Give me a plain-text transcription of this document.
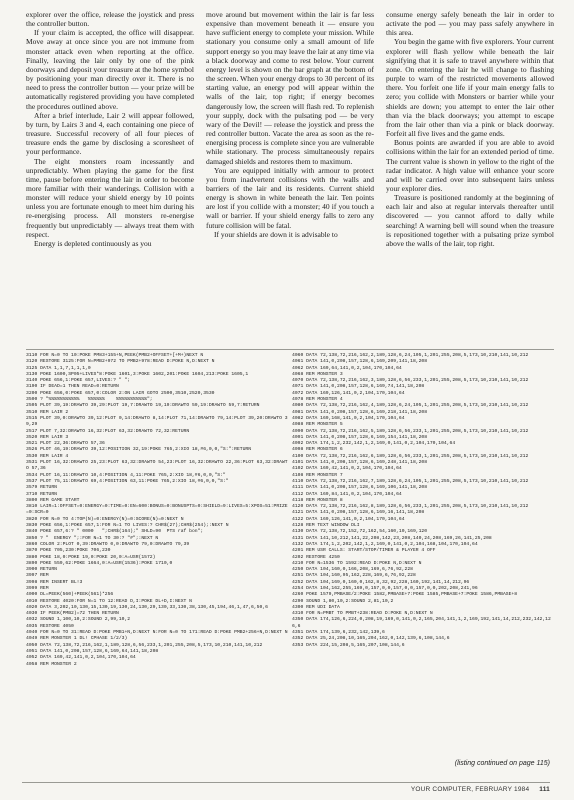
explorer over the office, release the joystick and press the controller button.

If your claim is accepted, the office will disappear. Move away at once since you are not immune from monster attack even when reporting at the office. Finally, leaving the lair only by one of the pink doorways and deposit your treasure at the home symbol by positioning your man directly over it. There is no need to press the controller button — your prize will be automatically registered providing you have completed the procedures outlined above.

After a brief interlude, Lair 2 will appear followed, by turn, by Lairs 3 and 4, each containing one piece of treasure. Successful recovery of all four pieces of treasure ends the game by disclosing a scoresheet of your performance.

The eight monsters roam incessantly and unpredictably. When playing the game for the first time, pause before entering the lair in order to become more familiar with their wanderings. Collision with a monster will reduce your shield energy by 10 points unless you are fortunate enough to meet him during his re-energising process. All monsters re-energise frequently but unpredictably — always treat them with respect.

Energy is depleted continuously as you

move around but movement within the lair is far less expensive than movement beneath it — ensure you have sufficient energy to complete your mission. While stationary you consume only a small amount of life support energy so you may leave the lair at any time via a black doorway and come to rest below. Your current energy level is shown on the bar graph at the bottom of the screen. When your energy drops to 30 percent of its starting value, an energy pod will appear within the walls of the lair, top right; if energy becomes dangerously low, the screen will flash red. To replenish your supply, dock with the pulsating pod — be very wary of the Devil! — release the joystick and press the red controller button. Vacate the area as soon as the re-energising process is complete since you are vulnerable while stationary. The process simultaneously repairs damaged shields and restores them to maximum.

You are equipped initially with armour to protect you from inadvertent collisions with the walls and barriers of the lair and its residents. Current shield energy is shown in white beneath the lair. Ten points are lost if you collide with a monster; 40 if you touch a wall or barrier. If your shield energy falls to zero any future collision will be fatal.

If your shields are down it is advisable to

consume energy safely beneath the lair in order to activate the pod — you may pass safely anywhere in this area.

You begin the game with five explorers. Your current explorer will flash yellow while beneath the lair signifying that it is safe to travel anywhere within that zone. On entering the lair he will change to flashing purple to warn of the restricted movements allowed there. You forfeit one life if your main energy falls to zero; you collide with Monsters or barrier while your shields are down; you attempt to enter the lair other than via the black doorways; you attempt to escape from the lair other than via a pink or black doorway. Forfeit all five lives and the game ends.

Bonus points are awarded if you are able to avoid collisions within the lair for an extended period of time. The current value is shown in yellow to the right of the radar indicator. A high value will enhance your score and will be carried over into subsequent lairs unless your explorer dies.

Treasure is positioned randomly at the beginning of each lair and also at regular intervals thereafter until discovered — you cannot afford to dally while searching! A warning bell will sound when the treasure is repositioned together with a pulsating prize symbol above the walls of the lair, top right.

3110 FOR N=0 TO 10:POKE PM83+155+N,PEEK(PMB2+OFFSET+[+M+)NEXT N
3120 RESTORE 3125:FOR N=PMB2+972 TO PMB2+978:READ D:POKE N,D:NEXT N
3125 DATA 1,1,7,1,1,1,0
3130 POKE 1600,SP05+LIVES*8:POKE 1601,3:POKE 1602,201:POKE 1604,213:POKE 1605,1
3140 POKE 656,1:POKE 657,LIVES:? " ";
3190 IF DEAD=1 THEN READ=0:RETURN
3200 POKE 656,0:POKE 657,0:COLOR 2:ON LAIR GOTO 2500,3510,2520,3530
3500 ? "%%%%%%%%%%%   %%%%%%    %%%%%%%%%%%";
2505 PLOT 39,19:DRAWTO 39,29:PLOT 19,7:DRAWTO 19,19:DRAWTO 59,19:DRAWTO 59,7:RETURN
3510 REM LAIR 2
2515 PLOT 39,0:DRAWTO 39,12:PLOT 0,14:DRAWTO 8,14:PLOT 71,14:DRAWTO 79,14:PLOT 39,20:DRAWTO 39,29
2517 PLOT 7,32:DRAWTO 16,32:PLOT 63,32:DRAWTO 72,32:RETURN
3520 REM LAIR 3
3521 PLOT 22,36:DRAWTO 57,36
3526 PLOT 46,19:DRAWTO 39,12:POSITION 32,19:POKE 765,2:XIO 18,#6,0,0,"S:":RETURN
3530 REM LAIR 4
3531 PLOT 16,32:DRAWTO 25,23:PLOT 63,32:DRAWTO 54,23:PLOT 16,32:DRAWTO 22,36:PLOT 63,32:DRAWTO 57,36
3534 PLOT 16,11:DRAWTO 10,4:POSITION 4,11:POKE 765,2:XIO 18,#6,0,0,"S:"
3537 PLOT 75,11:DRAWTO 69,4:POSITION 63,11:POKE 765,2:XIO 18,#6,0,0,"S:"
3579 RETURN
3710 RETURN
3800 REM GAME START
3810 LAIR=1:OFFSET=0:ENERGY=0:TIME=0:EN=600:BONUS=0:BONUSPTS=0:SHIELD=9:LIVES=5:XPOS=51:PRIZE=0:SCR=0
3820 FOR N=0 TO 4:TOP(N)=0:ENERGY(N)=0:SCORE(N)=0:NEXT N
3830 POKE 656,1:POKE 657,1:FOR N=1 TO LIVES:? CHR$(27);CHR$(254);:NEXT N
3840 POKE 657,6:? " 0000   ";CHR$(164);" SHLD=90  PTS raf bon";
3850 ? "  ENERGY ";:FOR N=1 TO 30:? "#";:NEXT N
3860 COLOR 2:PLOT 0,39:DRAWTO 0,0:DRAWTO 79,0:DRAWTO 79,39
3870 POKE 705,230:POKE 706,230
3880 POKE 18,0:POKE 19,0:POKE 20,0:A=USR(1572)
3890 POKE 559,62:POKE 1664,0:A=USR(1536):POKE 1710,0
3900 RETURN
3997 REM
3998 REM INSERT BL!3
3999 REM
4000 DL=PEEK(560)+PEEK(561)*256
4010 RESTORE 4020:FOR N=1 TO 12:READ D,I:POKE DL+D,I:NEXT N
4020 DATA 3,202,10,130,15,130,19,130,24,130,29,130,33,130,38,130,45,194,46,1,47,6,50,6
4030 IF PEEK(PMB2)=72 THEN RETURN
4032 SOUND 1,100,10,2:SOUND 2,99,10,2
4035 RESTORE 4050
4040 FOR N=0 TO 31:READ D:POKE PMB1+N,D:NEXT N:FOR N=0 TO 171:READ D:POKE PMB2+256+N,D:NEXT N
4049 REM MONSTER 1 DL! CPHASE 1/2/3)
4050 DATA 72,138,72,216,162,1,189,128,6,56,233,1,201,255,208,5,173,10,210,141,10,212
4051 DATA 141,0,208,157,128,6,169,64,141,18,208
4052 DATA 169,42,141,0,2,104,170,104,64
4058 REM MONSTER 2
4060 DATA 72,138,72,216,162,2,189,128,6,24,105,1,201,255,208,5,173,10,210,141,10,212
4061 DATA 141,0,208,157,128,6,169,209,141,18,208
4062 DATA 169,64,141,0,2,104,170,104,64
4068 REM MONSTER 3
4070 DATA 72,138,72,216,162,3,189,128,6,56,233,1,201,255,208,5,173,10,210,141,10,212
4071 DATA 141,0,208,157,128,6,169,74,141,18,208
4072 DATA 169,126,141,0,2,104,170,104,64
4078 REM MONSTER 4
4080 DATA 72,138,72,216,162,4,189,128,6,24,105,1,201,255,208,5,173,10,210,141,10,212
4081 DATA 141,0,208,157,128,6,169,218,141,18,208
4082 DATA 169,168,141,0,2,104,170,104,64
4088 REM MONSTER 5
4090 DATA 72,138,72,216,162,5,189,128,6,56,233,1,201,255,208,5,173,10,210,141,10,212
4091 DATA 141,0,208,157,128,6,169,154,141,18,208
4092 DATA 174,1,2,232,142,1,2,169,0,141,0,2,104,170,104,64
4098 REM MONSTER 6
4100 DATA 72,138,72,216,162,6,189,128,6,56,233,1,201,255,208,5,173,10,210,141,10,212
4101 DATA 141,0,208,157,128,6,169,248,141,18,208
4102 DATA 169,42,141,0,2,104,170,104,64
4108 REM MONSTER 7
4110 DATA 72,138,72,216,162,7,189,128,6,24,105,1,201,255,208,5,173,10,210,141,10,212
4111 DATA 141,0,208,157,128,6,169,106,141,18,208
4112 DATA 169,84,141,0,2,104,170,104,64
4118 REM MONSTER 8
4120 DATA 72,138,72,216,162,8,189,128,6,56,233,1,201,255,208,5,173,10,210,141,10,212
4121 DATA 141,0,208,157,128,6,169,16,141,18,208
4122 DATA 169,126,141,0,2,104,170,104,64
4128 REM TEXT WINDOW DLI
4130 DATA 72,138,72,152,72,162,54,160,10,169,120
4131 DATA 141,10,212,141,22,208,142,23,208,140,24,208,169,26,141,25,208
4132 DATA 174,1,2,202,142,1,2,169,0,141,0,2,104,168,104,170,104,64
4201 REM USR CALLS: START/STOP/TIMER & PLAYER 4 OFF
4202 RESTORE 4250
4210 FOR N=1536 TO 1592:READ D:POKE N,D:NEXT N
4250 DATA 104,160,0,166,208,169,6,76,92,228
4251 DATA 104,160,95,162,228,169,6,76,92,228
4252 DATA 104,169,0,160,0,162,8,32,92,228,160,192,141,14,212,96
4254 DATA 104,162,255,169,0,157,0,0,157,0,0,157,0,0,202,208,241,96
4260 POKE 1579,PMBASE/2:POKE 1582,PMBASE+7:POKE 1585,PMBASE+7:POKE 1586,PMBASE+8
4290 SOUND 1,80,10,2:SOUND 2,81,10,2
4300 REM UDI DATA
4310 FOR N=PMBT TO PMBT+238:READ D:POKE N,D:NEXT N
4350 DATA 174,126,6,224,0,208,19,169,0,141,0,2,165,204,141,1,2,169,192,141,14,212,232,142,126,6
4351 DATA 174,139,6,232,142,139,6
4352 DATA 25,24,208,10,165,204,162,0,142,139,6,108,144,6
4353 DATA 224,15,208,5,165,207,108,144,6
(listing continued on page 115)
YOUR COMPUTER, FEBRUARY 1984 111
